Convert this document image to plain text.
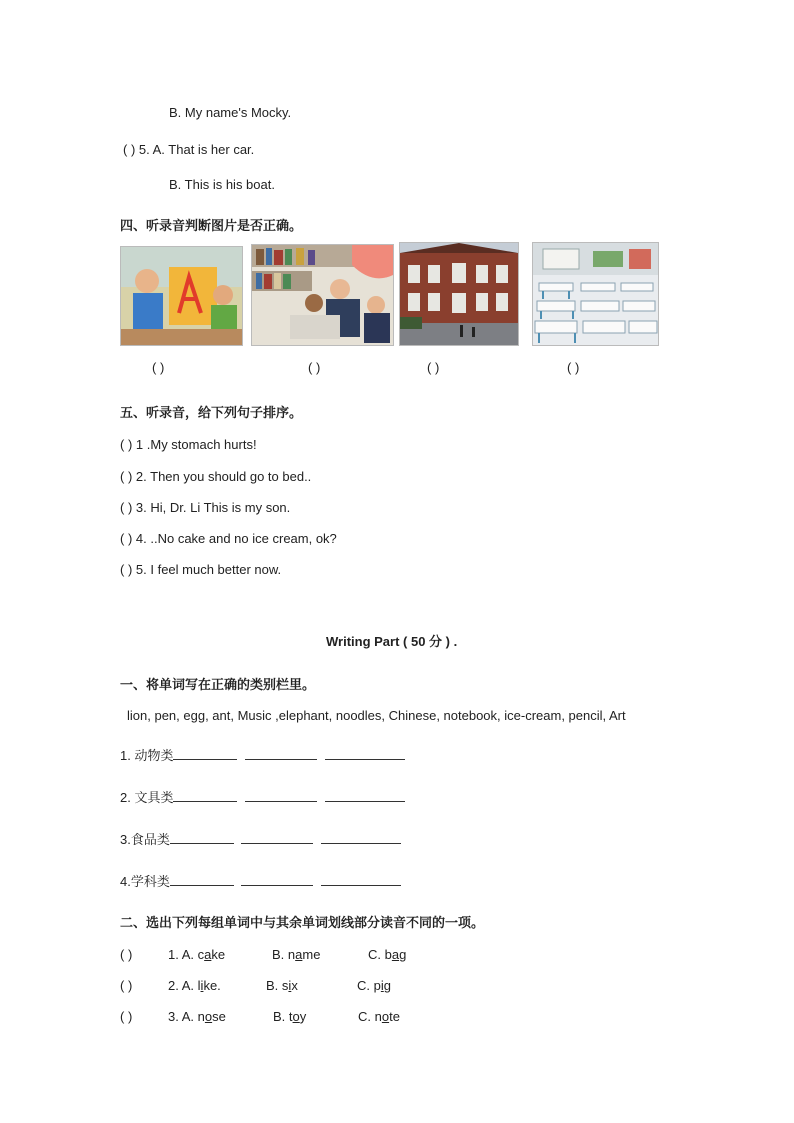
B. My name's Mocky.
( ) 5. A. That is her car.
B. This is his boat.
四、听录音判断图片是否正确。
( )	( )	( )	( )
五、听录音，给下列句子排序。
( ) 1 .My stomach hurts!
( ) 2. Then you should go to bed..
( ) 3. Hi, Dr. Li This is my son.
( ) 4. ..No cake and no ice cream, ok?
( ) 5. I feel much better now.
Writing Part ( 50 分 ) .
一、将单词写在正确的类别栏里。
lion, pen, egg, ant, Music ,elephant, noodles, Chinese, notebook, ice-cream, pencil, Art
1. 动物类
2. 文具类
3.食品类
4.学科类
二、选出下列每组单词中与其余单词划线部分读音不同的一项。
( )	1. A. cake	B. name	C. bag
( )	2. A. like.	B. six	C. pig
( )	3. A. nose	B. toy	C. note
